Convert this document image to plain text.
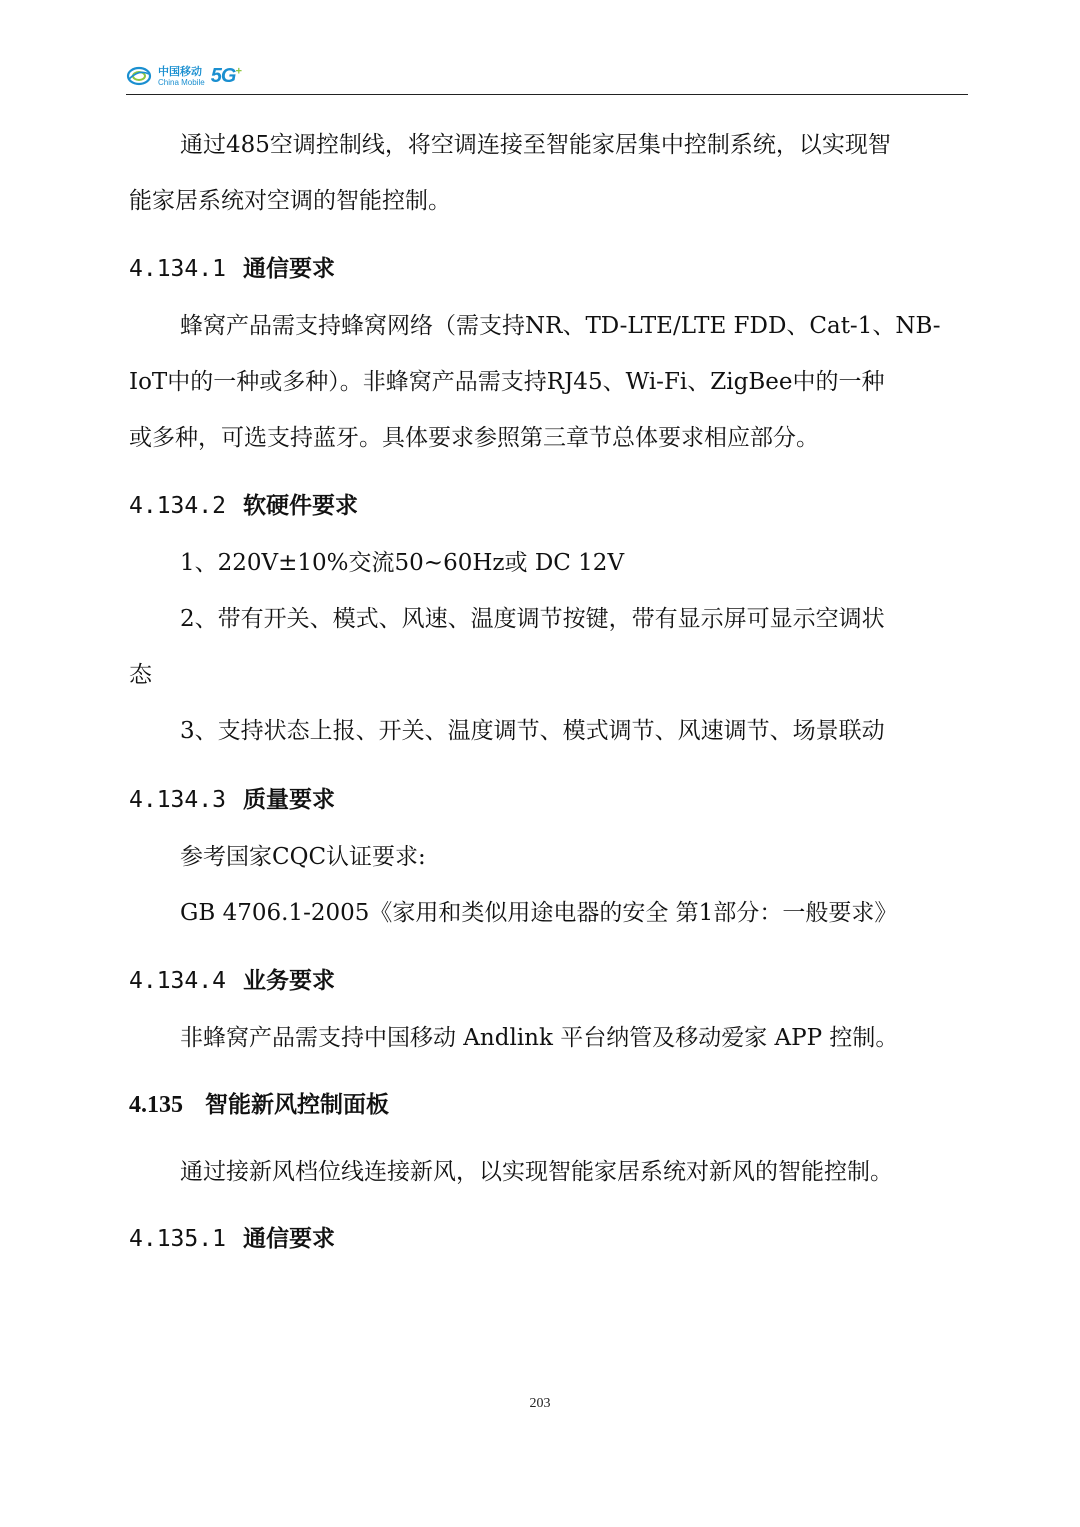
中国移动
China Mobile 5G+
通过485空调控制线，将空调连接至智能家居集中控制系统，以实现智
能家居系统对空调的智能控制。
4.134.1 通信要求
蜂窝产品需支持蜂窝网络（需支持NR、TD-LTE/LTE FDD、Cat-1、NB-
IoT中的一种或多种）。非蜂窝产品需支持RJ45、Wi-Fi、ZigBee中的一种
或多种，可选支持蓝牙。具体要求参照第三章节总体要求相应部分。
4.134.2 软硬件要求
1、220V±10%交流50~60Hz或 DC 12V
2、带有开关、模式、风速、温度调节按键，带有显示屏可显示空调状
态
3、支持状态上报、开关、温度调节、模式调节、风速调节、场景联动
4.134.3 质量要求
参考国家CQC认证要求:
GB 4706.1-2005《家用和类似用途电器的安全 第1部分：一般要求》
4.134.4 业务要求
非蜂窝产品需支持中国移动 Andlink 平台纳管及移动爱家 APP 控制。
4.135 智能新风控制面板
通过接新风档位线连接新风，以实现智能家居系统对新风的智能控制。
4.135.1 通信要求
203
